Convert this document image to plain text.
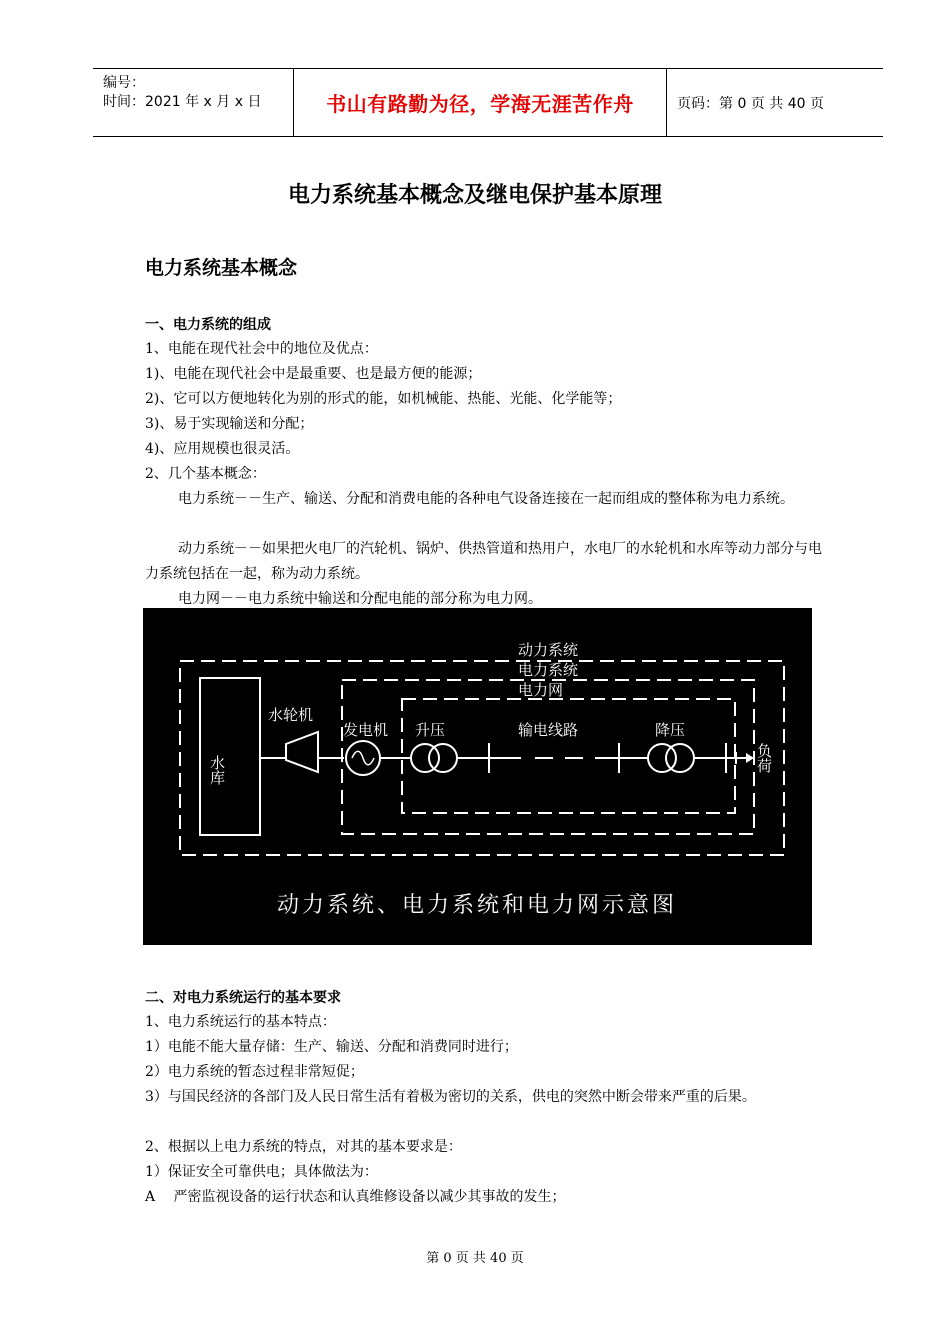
编号：
时间：2021 年 x 月 x 日	书山有路勤为径，学海无涯苦作舟	页码：第 0 页 共 40 页
电力系统基本概念及继电保护基本原理
电力系统基本概念
一、电力系统的组成
1、电能在现代社会中的地位及优点：
1)、电能在现代社会中是最重要、也是最方便的能源；
2)、它可以方便地转化为别的形式的能，如机械能、热能、光能、化学能等；
3)、易于实现输送和分配；
4)、应用规模也很灵活。
2、几个基本概念：
电力系统－－生产、输送、分配和消费电能的各种电气设备连接在一起而组成的整体称为电力系统。
动力系统－－如果把火电厂的汽轮机、锅炉、供热管道和热用户，水电厂的水轮机和水库等动力部分与电力系统包括在一起，称为动力系统。
电力网－－电力系统中输送和分配电能的部分称为电力网。
动力系统
电力系统
电力网
水轮机
发电机 升压	输电线路	降压
水库	负荷
动力系统、电力系统和电力网示意图
二、对电力系统运行的基本要求
1、电力系统运行的基本特点：
1）电能不能大量存储：生产、输送、分配和消费同时进行；
2）电力系统的暂态过程非常短促；
3）与国民经济的各部门及人民日常生活有着极为密切的关系，供电的突然中断会带来严重的后果。
2、根据以上电力系统的特点，对其的基本要求是：
1）保证安全可靠供电；具体做法为：
A　 严密监视设备的运行状态和认真维修设备以减少其事故的发生；
第 0 页 共 40 页
